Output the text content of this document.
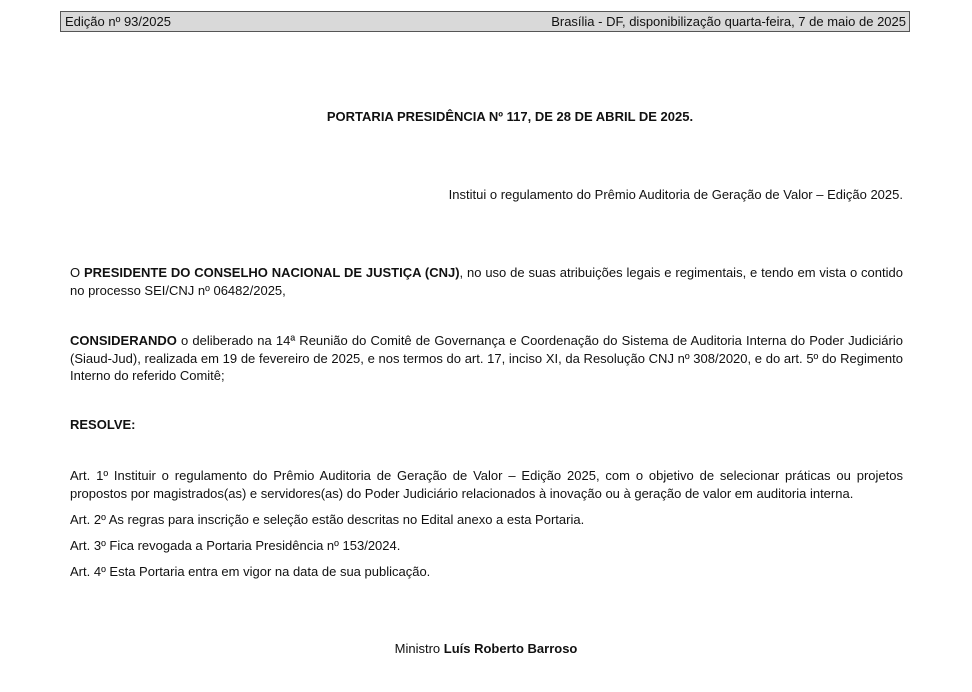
Edição nº 93/2025	Brasília - DF, disponibilização quarta-feira, 7 de maio de 2025
PORTARIA PRESIDÊNCIA Nº 117, DE 28 DE ABRIL DE 2025.
Institui o regulamento do Prêmio Auditoria de Geração de Valor – Edição 2025.
O PRESIDENTE DO CONSELHO NACIONAL DE JUSTIÇA (CNJ), no uso de suas atribuições legais e regimentais, e tendo em vista o contido no processo SEI/CNJ nº 06482/2025,
CONSIDERANDO o deliberado na 14ª Reunião do Comitê de Governança e Coordenação do Sistema de Auditoria Interna do Poder Judiciário (Siaud-Jud), realizada em 19 de fevereiro de 2025, e nos termos do art. 17, inciso XI, da Resolução CNJ nº 308/2020, e do art. 5º do Regimento Interno do referido Comitê;
RESOLVE:
Art. 1º Instituir o regulamento do Prêmio Auditoria de Geração de Valor – Edição 2025, com o objetivo de selecionar práticas ou projetos propostos por magistrados(as) e servidores(as) do Poder Judiciário relacionados à inovação ou à geração de valor em auditoria interna.
Art. 2º As regras para inscrição e seleção estão descritas no Edital anexo a esta Portaria.
Art. 3º Fica revogada a Portaria Presidência nº 153/2024.
Art. 4º Esta Portaria entra em vigor na data de sua publicação.
Ministro Luís Roberto Barroso
